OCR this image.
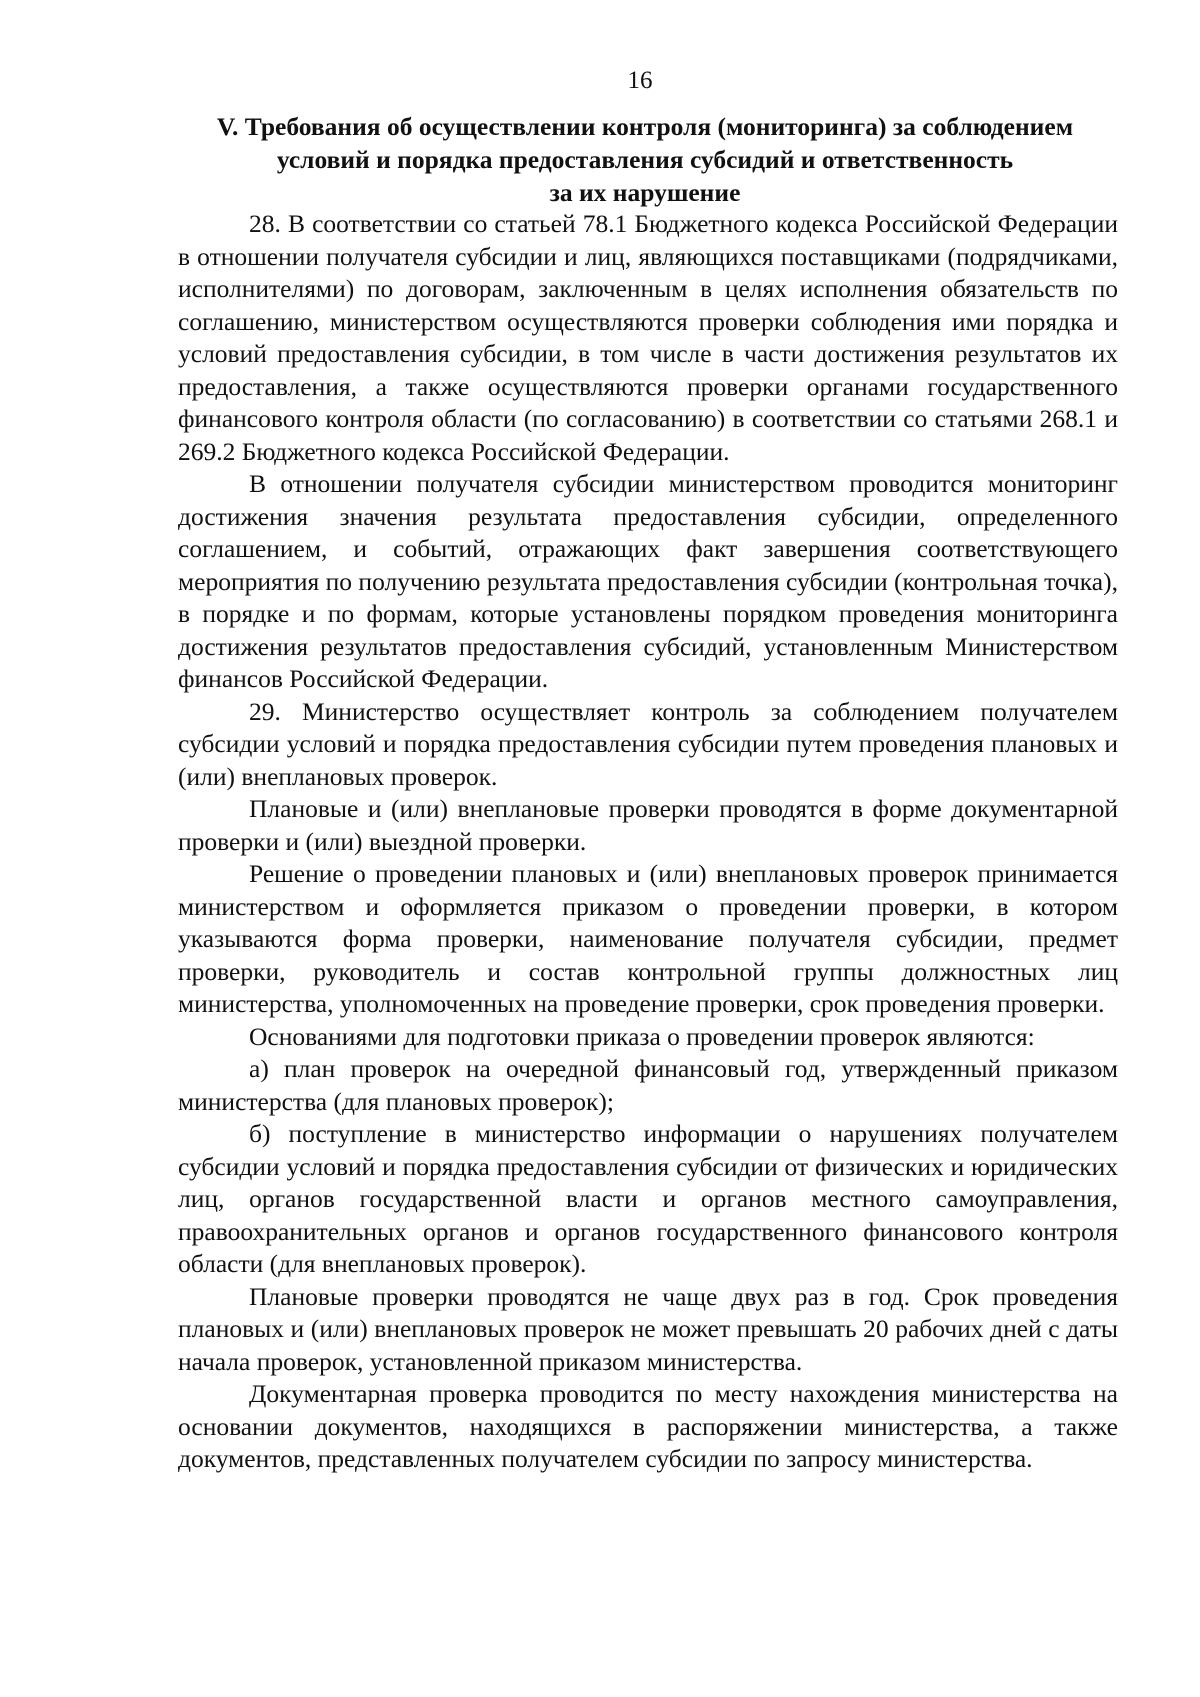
16
V. Требования об осуществлении контроля (мониторинга) за соблюдением
условий и порядка предоставления субсидий и ответственность
за их нарушение

28. В соответствии со статьей 78.1 Бюджетного кодекса Российской Федерации в отношении получателя субсидии и лиц, являющихся поставщиками (подрядчиками, исполнителями) по договорам, заключенным в целях исполнения обязательств по соглашению, министерством осуществляются проверки соблюдения ими порядка и условий предоставления субсидии, в том числе в части достижения результатов их предоставления, а также осуществляются проверки органами государственного финансового контроля области (по согласованию) в соответствии со статьями 268.1 и 269.2 Бюджетного кодекса Российской Федерации.

В отношении получателя субсидии министерством проводится мониторинг достижения значения результата предоставления субсидии, определенного соглашением, и событий, отражающих факт завершения соответствующего мероприятия по получению результата предоставления субсидии (контрольная точка), в порядке и по формам, которые установлены порядком проведения мониторинга достижения результатов предоставления субсидий, установленным Министерством финансов Российской Федерации.

29. Министерство осуществляет контроль за соблюдением получателем субсидии условий и порядка предоставления субсидии путем проведения плановых и (или) внеплановых проверок.

Плановые и (или) внеплановые проверки проводятся в форме документарной проверки и (или) выездной проверки.

Решение о проведении плановых и (или) внеплановых проверок принимается министерством и оформляется приказом о проведении проверки, в котором указываются форма проверки, наименование получателя субсидии, предмет проверки, руководитель и состав контрольной группы должностных лиц министерства, уполномоченных на проведение проверки, срок проведения проверки.

Основаниями для подготовки приказа о проведении проверок являются:

а) план проверок на очередной финансовый год, утвержденный приказом министерства (для плановых проверок);

б) поступление в министерство информации о нарушениях получателем субсидии условий и порядка предоставления субсидии от физических и юридических лиц, органов государственной власти и органов местного самоуправления, правоохранительных органов и органов государственного финансового контроля области (для внеплановых проверок).

Плановые проверки проводятся не чаще двух раз в год. Срок проведения плановых и (или) внеплановых проверок не может превышать 20 рабочих дней с даты начала проверок, установленной приказом министерства.

Документарная проверка проводится по месту нахождения министерства на основании документов, находящихся в распоряжении министерства, а также документов, представленных получателем субсидии по запросу министерства.
